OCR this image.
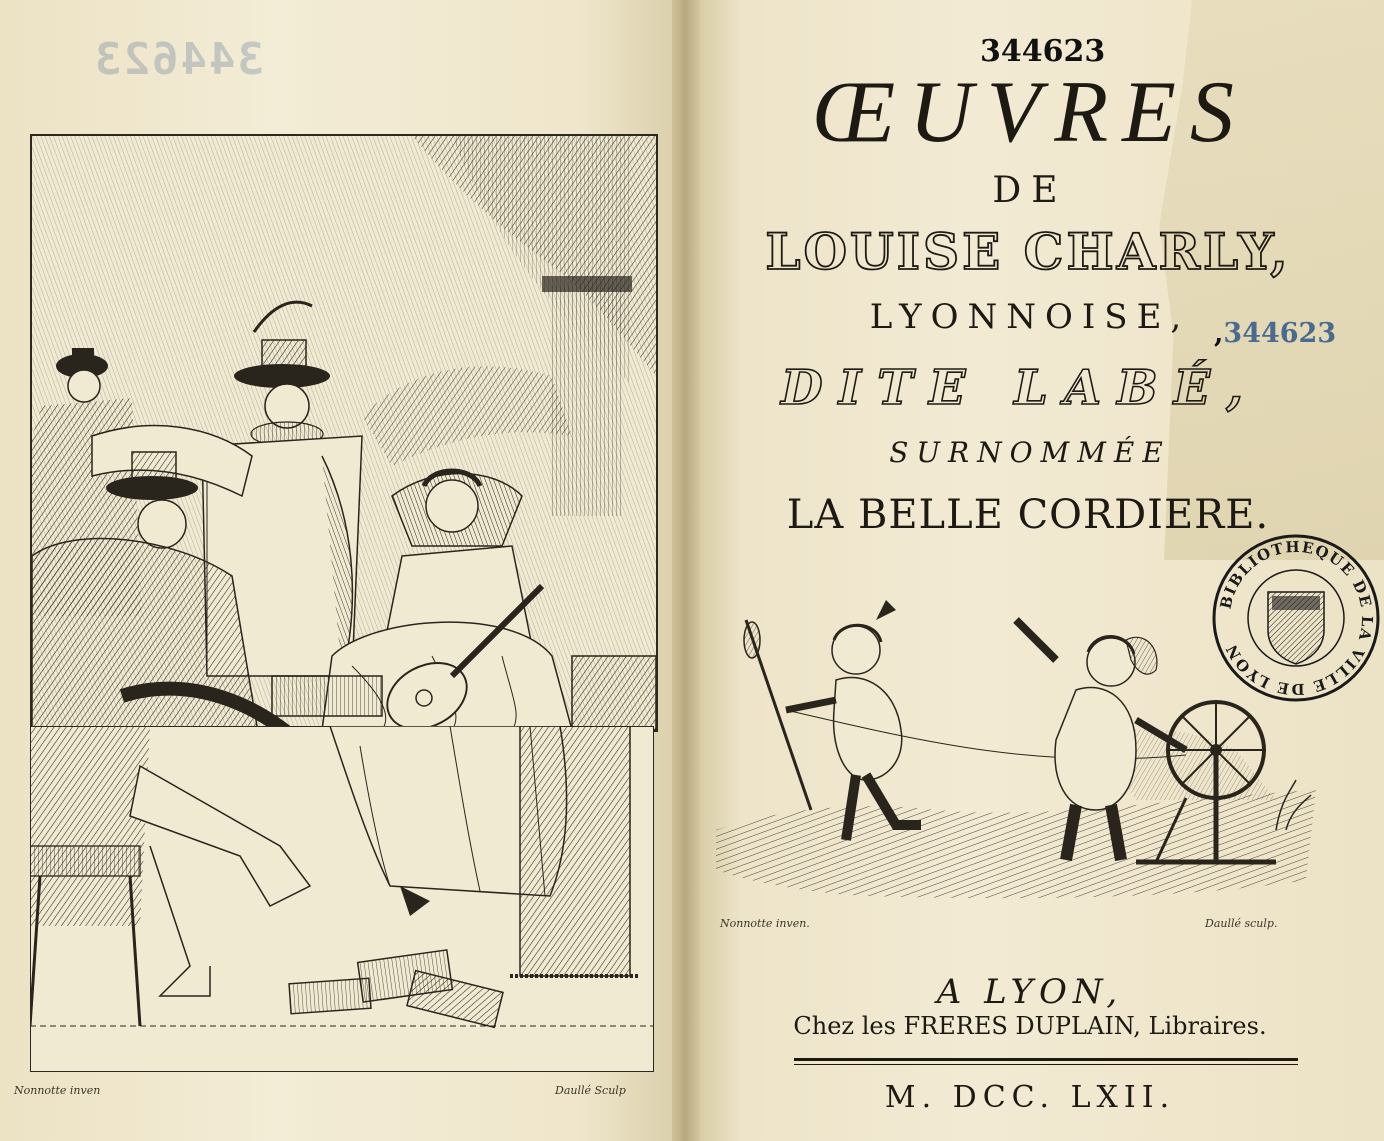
344623
Nonnotte inven	Daullé Sculp
344623
ŒUVRES
DE
LOUISE CHARLY,
LYONNOISE,
DITE LABÉ,
SURNOMMÉE
LA BELLE CORDIERE.
,344623
BIBLIOTHEQUE DE LA VILLE DE LYON
Nonnotte inven.	Daullé sculp.
A LYON,
Chez les FRERES DUPLAIN, Libraires.
M. DCC. LXII.
